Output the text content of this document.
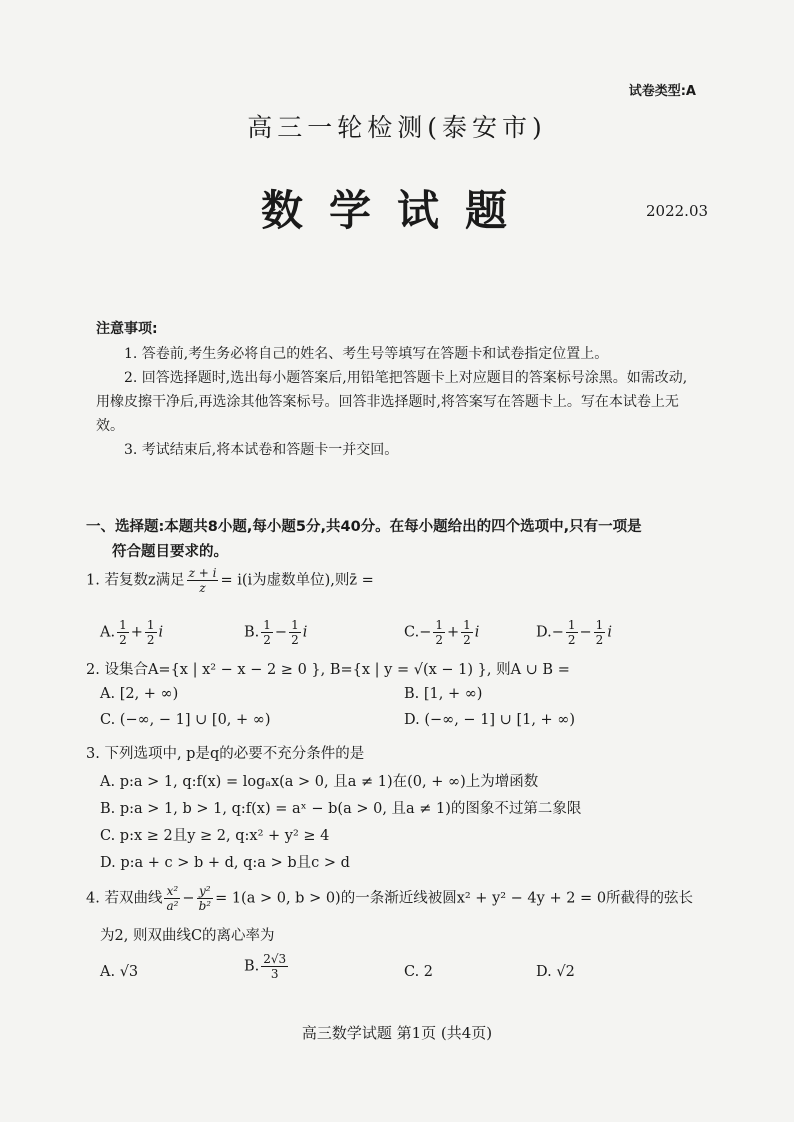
试卷类型:A
高三一轮检测(泰安市)
数学试题	2022.03
注意事项:
1. 答卷前,考生务必将自己的姓名、考生号等填写在答题卡和试卷指定位置上。
2. 回答选择题时,选出每小题答案后,用铅笔把答题卡上对应题目的答案标号涂黑。如需改动,用橡皮擦干净后,再选涂其他答案标号。回答非选择题时,将答案写在答题卡上。写在本试卷上无效。
3. 考试结束后,将本试卷和答题卡一并交回。
一、选择题:本题共8小题,每小题5分,共40分。在每小题给出的四个选项中,只有一项是
符合题目要求的。
1. 若复数z满足 $\frac{z + i}{z} = i(i$为虚数单位),则z̄ =
A. $\frac{1}{2} + \frac{1}{2}$ i	B. $\frac{1}{2} - \frac{1}{2}$ i	$C.- \frac{1}{2} + \frac{1}{2}$ i	$D.- \frac{1}{2} - \frac{1}{2}$ i
2. 设集合A={x | x² − x − 2 ≥ 0 }, B={x | y = √(x − 1) }, 则A ∪ B =
A. [2, + ∞)	B. [1, + ∞)
C. (−∞, − 1] ∪ [0, + ∞)	D. (−∞, − 1] ∪ [1, + ∞)
3. 下列选项中, p是q的必要不充分条件的是
A. p:a > 1, q:f(x) = logₐx(a > 0, 且a ≠ 1)在(0, + ∞)上为增函数
B. p:a > 1, b > 1, q:f(x) = aˣ − b(a > 0, 且a ≠ 1)的图象不过第二象限
C. p:x ≥ 2且y ≥ 2, q:x² + y² ≥ 4
D. p:a + c > b + d, q:a > b且c > d
4. 若双曲线 $\frac{\text{x²}}{\text{a²}} - \frac{\text{y²}}{\text{b²}} = 1(a > 0$, b > 0)的一条渐近线被圆x² + y² − 4y + 2 = 0所截得的弦长
为2, 则双曲线C的离心率为
A. √3	B. $\frac{2√3}{3}$	C. 2	D. √2
高三数学试题 第1页 (共4页)
